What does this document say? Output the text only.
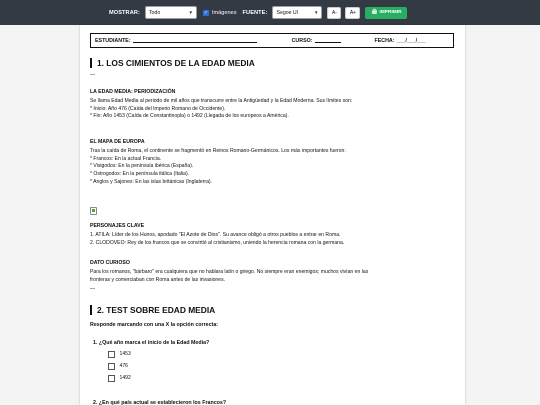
MOSTRAR: Todo	▼ ✓ Imágenes FUENTE: Segoe UI	▼	A-	A+	🖨 IMPRIMIR
ESTUDIANTE:	CURSO:	FECHA: ___/___/___
1. LOS CIMIENTOS DE LA EDAD MEDIA
—
LA EDAD MEDIA: PERIODIZACIÓN
Se llama Edad Media al periodo de mil años que transcurre entre la Antigüedad y la Edad Moderna. Sus límites son:
* Inicio: Año 476 (Caída del Imperio Romano de Occidente).
* Fin: Año 1453 (Caída de Constantinopla) o 1492 (Llegada de los europeos a América).
EL MAPA DE EUROPA
Tras la caída de Roma, el continente se fragmentó en Reinos Romano-Germánicos. Los más importantes fueron:
* Francos: En la actual Francia.
* Visigodos: En la península ibérica (España).
* Ostrogodos: En la península itálica (Italia).
* Anglos y Sajones: En las islas británicas (Inglaterra).
PERSONAJES CLAVE
1. ATILA: Líder de los Hunos, apodado "El Azote de Dios". Su avance obligó a otros pueblos a entrar en Roma.
2. CLODOVEO: Rey de los francos que se convirtió al cristianismo, uniendo la herencia romana con la germana.
DATO CURIOSO
Para los romanos, "bárbaro" era cualquiera que no hablara latín o griego. No siempre eran enemigos; muchos vivían en las
fronteras y comerciaban con Roma antes de las invasiones.
—
2. TEST SOBRE EDAD MEDIA
Responde marcando con una X la opción correcta:
1. ¿Qué año marca el inicio de la Edad Media?
1453
476
1492
2. ¿En qué país actual se establecieron los Francos?
